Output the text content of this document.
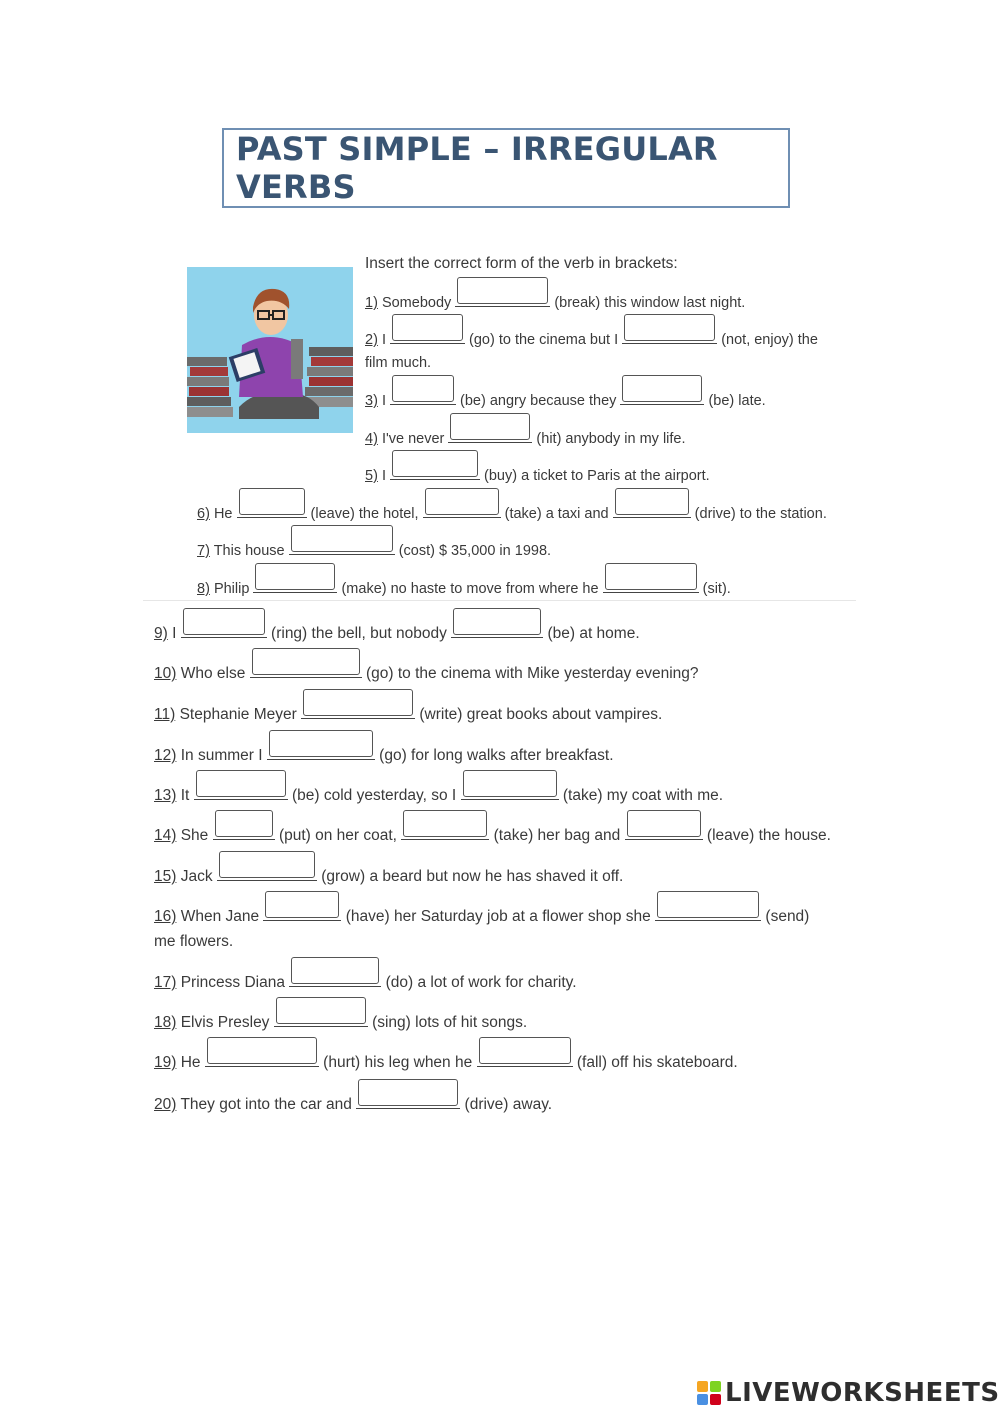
PAST SIMPLE – IRREGULAR VERBS
1) Somebody	(break) this window last night.
2) I	(go) to the cinema but I	(not, enjoy) the
film much.
3) I	(be) angry because they	(be) late.
4) I've never	(hit) anybody in my life.
5) I	(buy) a ticket to Paris at the airport.
6) He	(leave) the hotel,	(take) a taxi and	(drive) to the station.
7) This house	(cost) $ 35,000 in 1998.
8) Philip	(make) no haste to move from where he	(sit).
9) I	(ring) the bell, but nobody	(be) at home.
10) Who else	(go) to the cinema with Mike yesterday evening?
11) Stephanie Meyer	(write) great books about vampires.
12) In summer I	(go) for long walks after breakfast.
13) It	(be) cold yesterday, so I	(take) my coat with me.
14) She	(put) on her coat,	(take) her bag and	(leave) the house.
15) Jack	(grow) a beard but now he has shaved it off.
16) When Jane	(have) her Saturday job at a flower shop she	(send)
me flowers.
17) Princess Diana	(do) a lot of work for charity.
18) Elvis Presley	(sing) lots of hit songs.
19) He	(hurt) his leg when he	(fall) off his skateboard.
20) They got into the car and	(drive) away.
LIVEWORKSHEETS
Insert the correct form of the verb in brackets:
